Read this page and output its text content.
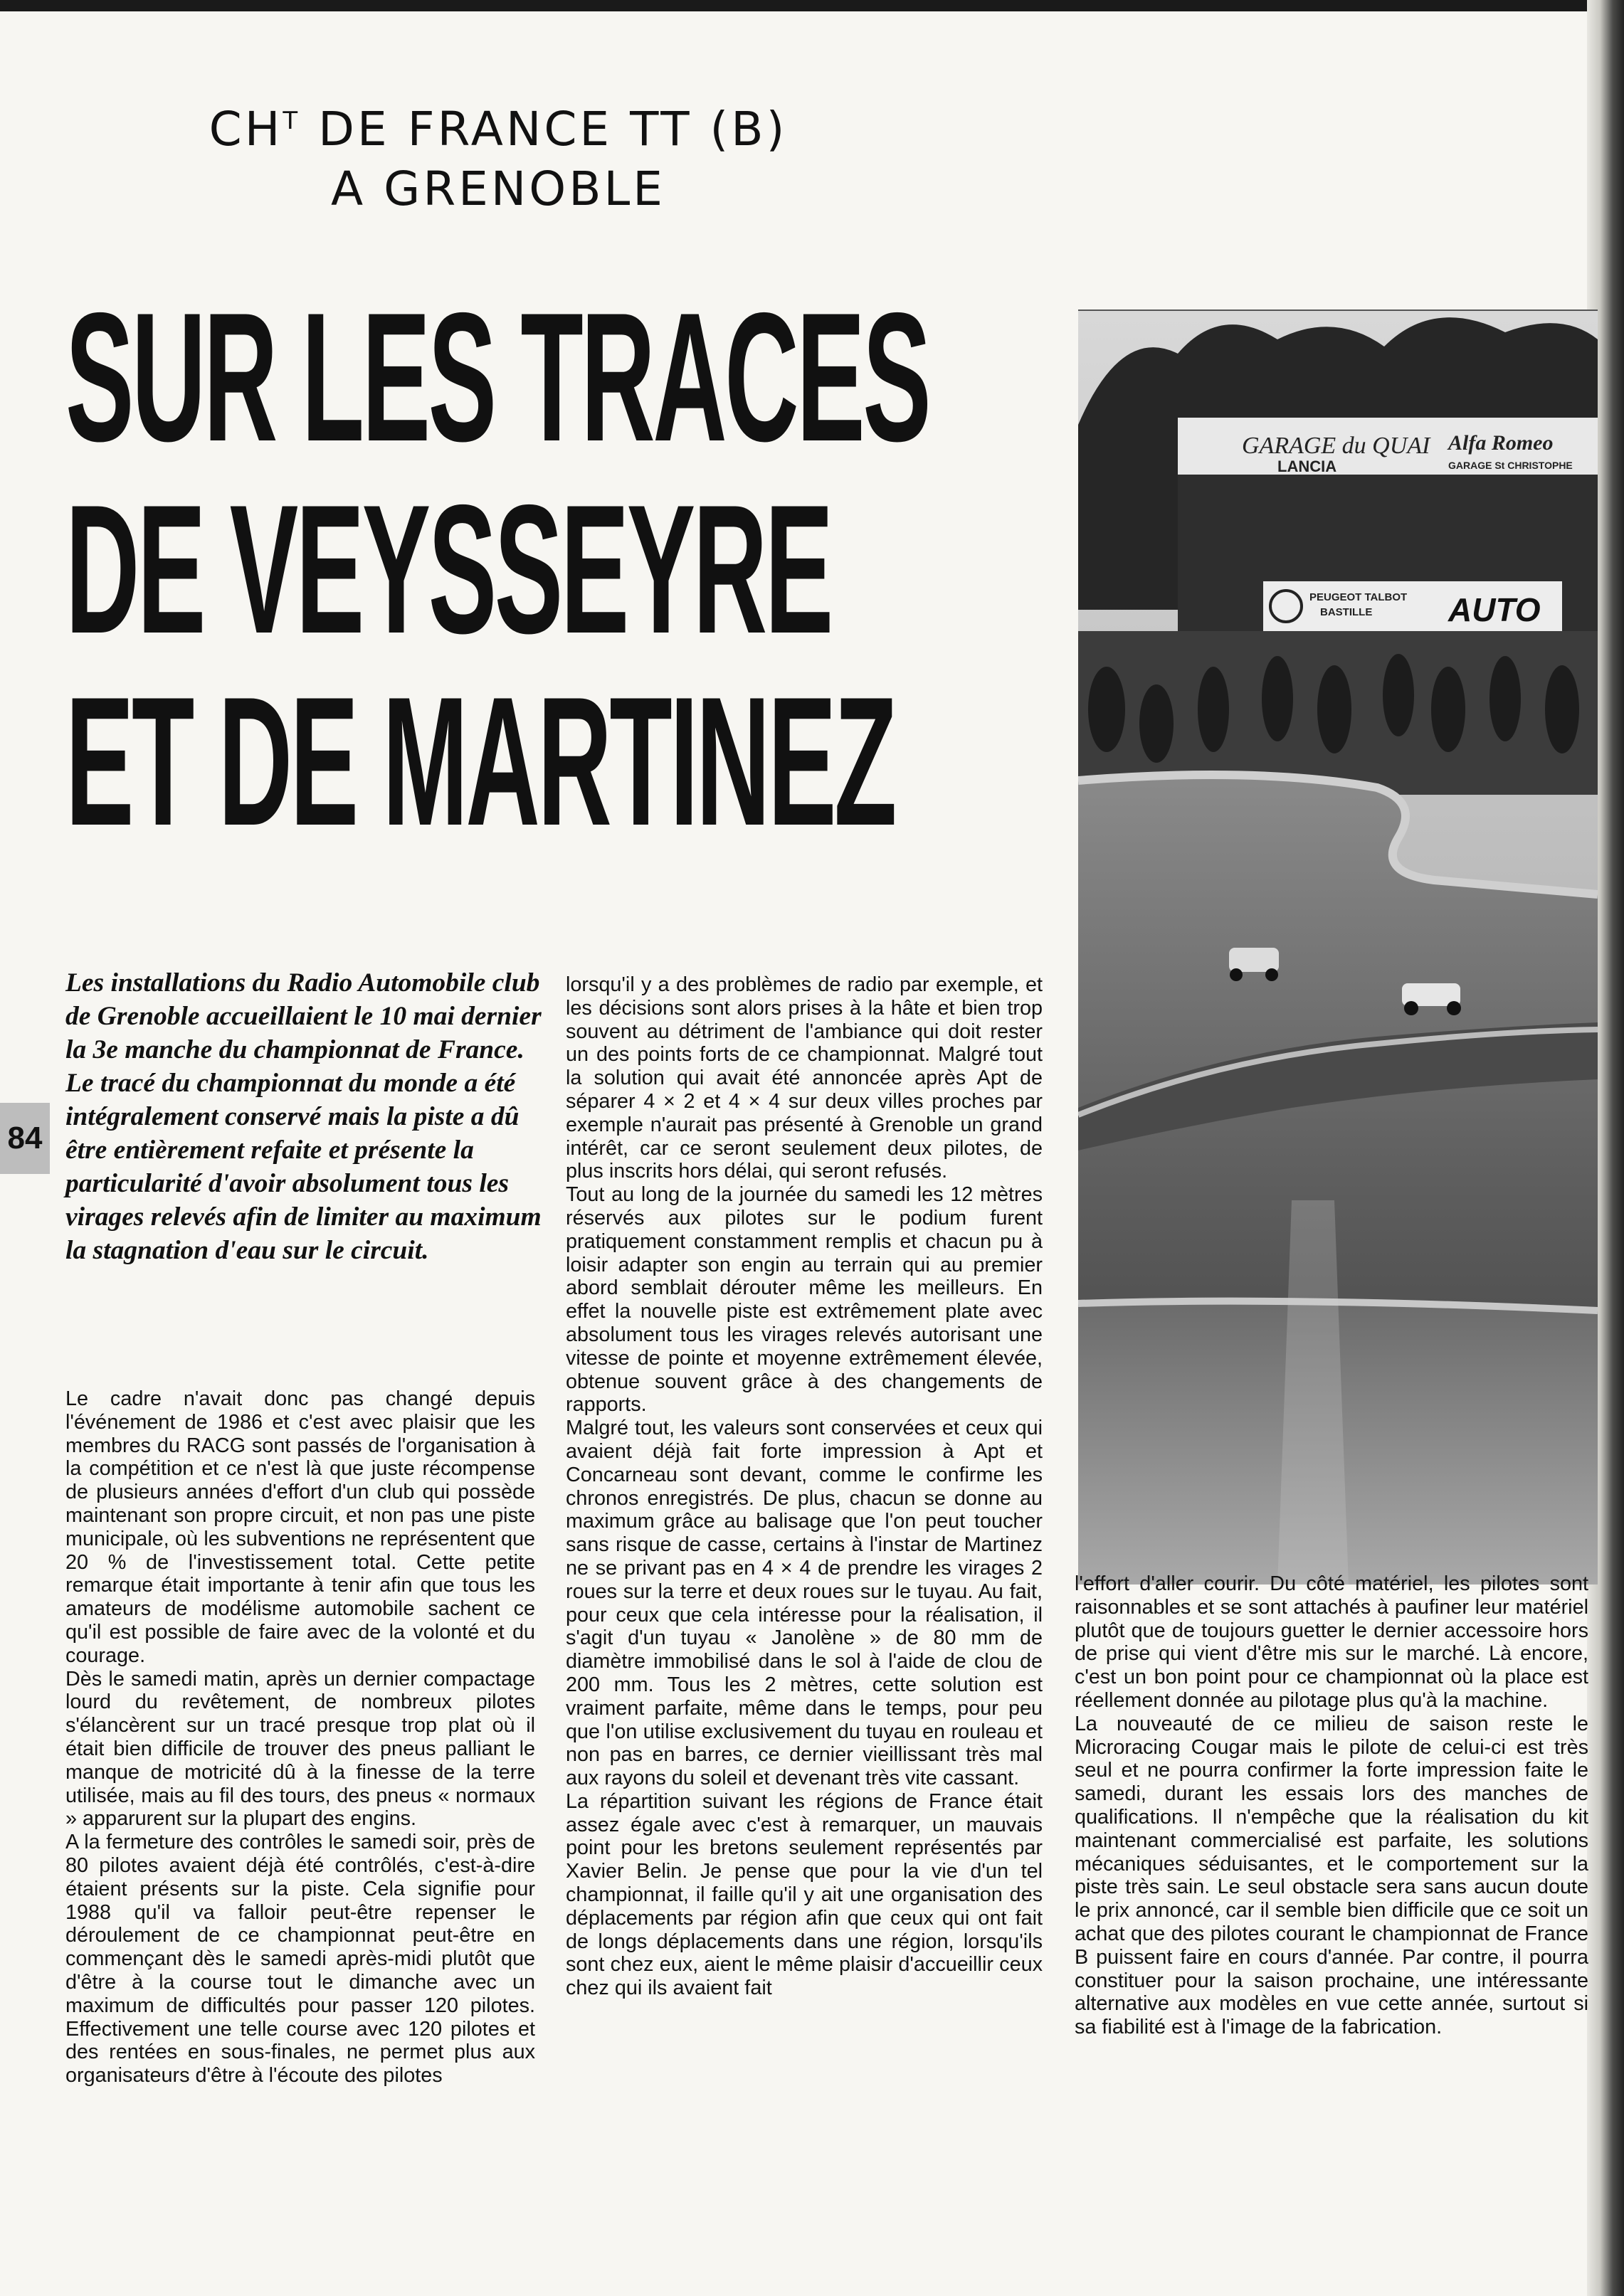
$CH^T$ DE FRANCE TT (B)
A GRENOBLE
SUR LES TRACES
DE VEYSSEYRE
ET DE MARTINEZ
GARAGE du QUAI Alfa Romeo
GARAGE St CHRISTOPHE
LANCIA
PEUGEOT TALBOT
BASTILLE AUTO
84
Les installations du Radio Automobile club de Grenoble accueillaient le 10 mai dernier la 3e manche du championnat de France. Le tracé du championnat du monde a été intégralement conservé mais la piste a dû être entièrement refaite et présente la particularité d'avoir absolument tous les virages relevés afin de limiter au maximum la stagnation d'eau sur le circuit.

Le cadre n'avait donc pas changé depuis l'événement de 1986 et c'est avec plaisir que les membres du RACG sont passés de l'organisation à la compétition et ce n'est là que juste récompense de plusieurs années d'effort d'un club qui possède maintenant son propre circuit, et non pas une piste municipale, où les subventions ne représentent que 20 % de l'investissement total. Cette petite remarque était importante à tenir afin que tous les amateurs de modélisme automobile sachent ce qu'il est possible de faire avec de la volonté et du courage.

Dès le samedi matin, après un dernier compactage lourd du revêtement, de nombreux pilotes s'élancèrent sur un tracé presque trop plat où il était bien difficile de trouver des pneus palliant le manque de motricité dû à la finesse de la terre utilisée, mais au fil des tours, des pneus « normaux » apparurent sur la plupart des engins.

A la fermeture des contrôles le samedi soir, près de 80 pilotes avaient déjà été contrôlés, c'est-à-dire étaient présents sur la piste. Cela signifie pour 1988 qu'il va falloir peut-être repenser le déroulement de ce championnat peut-être en commençant dès le samedi après-midi plutôt que d'être à la course tout le dimanche avec un maximum de difficultés pour passer 120 pilotes. Effectivement une telle course avec 120 pilotes et des rentées en sous-finales, ne permet plus aux organisateurs d'être à l'écoute des pilotes

lorsqu'il y a des problèmes de radio par exemple, et les décisions sont alors prises à la hâte et bien trop souvent au détriment de l'ambiance qui doit rester un des points forts de ce championnat. Malgré tout la solution qui avait été annoncée après Apt de séparer 4 × 2 et 4 × 4 sur deux villes proches par exemple n'aurait pas présenté à Grenoble un grand intérêt, car ce seront seulement deux pilotes, de plus inscrits hors délai, qui seront refusés.

Tout au long de la journée du samedi les 12 mètres réservés aux pilotes sur le podium furent pratiquement constamment remplis et chacun pu à loisir adapter son engin au terrain qui au premier abord semblait dérouter même les meilleurs. En effet la nouvelle piste est extrêmement plate avec absolument tous les virages relevés autorisant une vitesse de pointe et moyenne extrêmement élevée, obtenue souvent grâce à des changements de rapports.

Malgré tout, les valeurs sont conservées et ceux qui avaient déjà fait forte impression à Apt et Concarneau sont devant, comme le confirme les chronos enregistrés. De plus, chacun se donne au maximum grâce au balisage que l'on peut toucher sans risque de casse, certains à l'instar de Martinez ne se privant pas en 4 × 4 de prendre les virages 2 roues sur la terre et deux roues sur le tuyau. Au fait, pour ceux que cela intéresse pour la réalisation, il s'agit d'un tuyau « Janolène » de 80 mm de diamètre immobilisé dans le sol à l'aide de clou de 200 mm. Tous les 2 mètres, cette solution est vraiment parfaite, même dans le temps, pour peu que l'on utilise exclusivement du tuyau en rouleau et non pas en barres, ce dernier vieillissant très mal aux rayons du soleil et devenant très vite cassant.

La répartition suivant les régions de France était assez égale avec c'est à remarquer, un mauvais point pour les bretons seulement représentés par Xavier Belin. Je pense que pour la vie d'un tel championnat, il faille qu'il y ait une organisation des déplacements par région afin que ceux qui ont fait de longs déplacements dans une région, lorsqu'ils sont chez eux, aient le même plaisir d'accueillir ceux chez qui ils avaient fait

l'effort d'aller courir. Du côté matériel, les pilotes sont raisonnables et se sont attachés à paufiner leur matériel plutôt que de toujours guetter le dernier accessoire hors de prise qui vient d'être mis sur le marché. Là encore, c'est un bon point pour ce championnat où la place est réellement donnée au pilotage plus qu'à la machine.

La nouveauté de ce milieu de saison reste le Microracing Cougar mais le pilote de celui-ci est très seul et ne pourra confirmer la forte impression faite le samedi, durant les essais lors des manches de qualifications. Il n'empêche que la réalisation du kit maintenant commercialisé est parfaite, les solutions mécaniques séduisantes, et le comportement sur la piste très sain. Le seul obstacle sera sans aucun doute le prix annoncé, car il semble bien difficile que ce soit un achat que des pilotes courant le championnat de France B puissent faire en cours d'année. Par contre, il pourra constituer pour la saison prochaine, une intéressante alternative aux modèles en vue cette année, surtout si sa fiabilité est à l'image de la fabrication.
